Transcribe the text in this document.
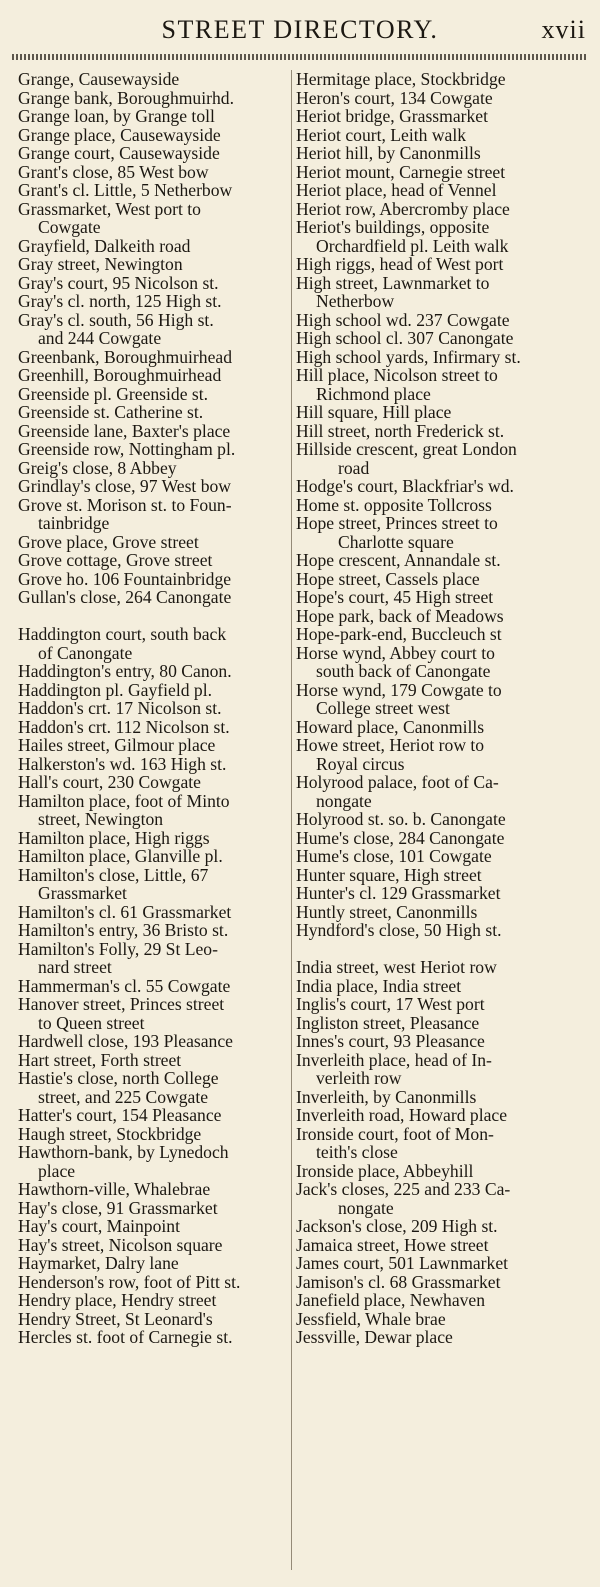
STREET DIRECTORY.	xvii
Grange, Causewayside
Grange bank, Boroughmuirhd.
Grange loan, by Grange toll
Grange place, Causewayside
Grange court, Causewayside
Grant's close, 85 West bow
Grant's cl. Little, 5 Netherbow
Grassmarket, West port to
Cowgate
Grayfield, Dalkeith road
Gray street, Newington
Gray's court, 95 Nicolson st.
Gray's cl. north, 125 High st.
Gray's cl. south, 56 High st.
and 244 Cowgate
Greenbank, Boroughmuirhead
Greenhill, Boroughmuirhead
Greenside pl. Greenside st.
Greenside st. Catherine st.
Greenside lane, Baxter's place
Greenside row, Nottingham pl.
Greig's close, 8 Abbey
Grindlay's close, 97 West bow
Grove st. Morison st. to Foun-
tainbridge
Grove place, Grove street
Grove cottage, Grove street
Grove ho. 106 Fountainbridge
Gullan's close, 264 Canongate
Haddington court, south back
of Canongate
Haddington's entry, 80 Canon.
Haddington pl. Gayfield pl.
Haddon's crt. 17 Nicolson st.
Haddon's crt. 112 Nicolson st.
Hailes street, Gilmour place
Halkerston's wd. 163 High st.
Hall's court, 230 Cowgate
Hamilton place, foot of Minto
street, Newington
Hamilton place, High riggs
Hamilton place, Glanville pl.
Hamilton's close, Little, 67
Grassmarket
Hamilton's cl. 61 Grassmarket
Hamilton's entry, 36 Bristo st.
Hamilton's Folly, 29 St Leo-
nard street
Hammerman's cl. 55 Cowgate
Hanover street, Princes street
to Queen street
Hardwell close, 193 Pleasance
Hart street, Forth street
Hastie's close, north College
street, and 225 Cowgate
Hatter's court, 154 Pleasance
Haugh street, Stockbridge
Hawthorn-bank, by Lynedoch
place
Hawthorn-ville, Whalebrae
Hay's close, 91 Grassmarket
Hay's court, Mainpoint
Hay's street, Nicolson square
Haymarket, Dalry lane
Henderson's row, foot of Pitt st.
Hendry place, Hendry street
Hendry Street, St Leonard's
Hercles st. foot of Carnegie st.
Hermitage place, Stockbridge
Heron's court, 134 Cowgate
Heriot bridge, Grassmarket
Heriot court, Leith walk
Heriot hill, by Canonmills
Heriot mount, Carnegie street
Heriot place, head of Vennel
Heriot row, Abercromby place
Heriot's buildings, opposite
Orchardfield pl. Leith walk
High riggs, head of West port
High street, Lawnmarket to
Netherbow
High school wd. 237 Cowgate
High school cl. 307 Canongate
High school yards, Infirmary st.
Hill place, Nicolson street to
Richmond place
Hill square, Hill place
Hill street, north Frederick st.
Hillside crescent, great London
road
Hodge's court, Blackfriar's wd.
Home st. opposite Tollcross
Hope street, Princes street to
Charlotte square
Hope crescent, Annandale st.
Hope street, Cassels place
Hope's court, 45 High street
Hope park, back of Meadows
Hope-park-end, Buccleuch st
Horse wynd, Abbey court to
south back of Canongate
Horse wynd, 179 Cowgate to
College street west
Howard place, Canonmills
Howe street, Heriot row to
Royal circus
Holyrood palace, foot of Ca-
nongate
Holyrood st. so. b. Canongate
Hume's close, 284 Canongate
Hume's close, 101 Cowgate
Hunter square, High street
Hunter's cl. 129 Grassmarket
Huntly street, Canonmills
Hyndford's close, 50 High st.
India street, west Heriot row
India place, India street
Inglis's court, 17 West port
Ingliston street, Pleasance
Innes's court, 93 Pleasance
Inverleith place, head of In-
verleith row
Inverleith, by Canonmills
Inverleith road, Howard place
Ironside court, foot of Mon-
teith's close
Ironside place, Abbeyhill
Jack's closes, 225 and 233 Ca-
nongate
Jackson's close, 209 High st.
Jamaica street, Howe street
James court, 501 Lawnmarket
Jamison's cl. 68 Grassmarket
Janefield place, Newhaven
Jessfield, Whale brae
Jessville, Dewar place
